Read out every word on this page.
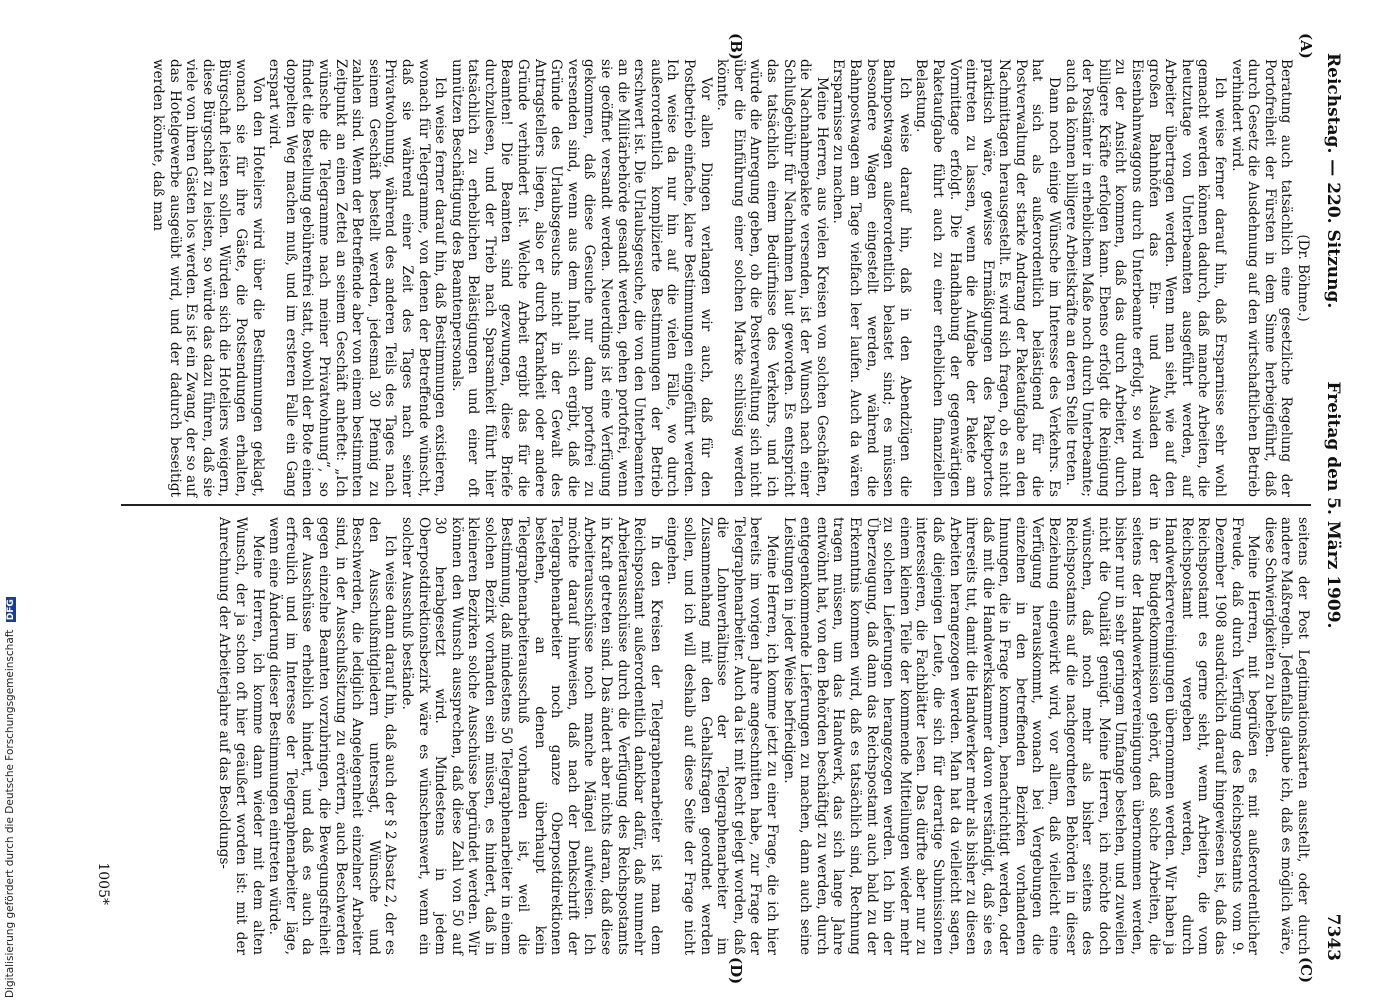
Reichstag. — 220. Sitzung.
Freitag den 5. März 1909.
7343
(A)
(B)
(C)
(D)
(Dr. Böhme.)

Beratung auch tatsächlich eine gesetzliche Regelung der Portofreiheit der Fürsten in dem Sinne herbeigeführt, daß durch Gesetz die Ausdehnung auf den wirtschaftlichen Betrieb verhindert wird.

Ich weise ferner darauf hin, daß Ersparnisse sehr wohl gemacht werden können dadurch, daß manche Arbeiten, die heutzutage von Unterbeamten ausgeführt werden, auf Arbeiter übertragen werden. Wenn man sieht, wie auf den großen Bahnhöfen das Ein- und Ausladen der Eisenbahnwaggons durch Unterbeamte erfolgt, so wird man zu der Ansicht kommen, daß das durch Arbeiter, durch billigere Kräfte erfolgen kann. Ebenso erfolgt die Reinigung der Postämter in erheblichem Maße noch durch Unterbeamte; auch da können billigere Arbeitskräfte an deren Stelle treten.

Dann noch einige Wünsche im Interesse des Verkehrs. Es hat sich als außerordentlich belästigend für die Postverwaltung der starke Andrang der Paketaufgabe an den Nachmittagen herausgestellt. Es wird sich fragen, ob es nicht praktisch wäre, gewisse Ermäßigungen des Paketportos eintreten zu lassen, wenn die Aufgabe der Pakete am Vormittage erfolgt. Die Handhabung der gegenwärtigen Paketaufgabe führt auch zu einer erheblichen finanziellen Belastung.

Ich weise darauf hin, daß in den Abendzügen die Bahnpostwagen außerordentlich belastet sind; es müssen besondere Wagen eingestellt werden, während die Bahnpostwagen am Tage vielfach leer laufen. Auch da wären Ersparnisse zu machen.

Meine Herren, aus vielen Kreisen von solchen Geschäften, die Nachnahmepakete versenden, ist der Wunsch nach einer Schlußgebühr für Nachnahmen laut geworden. Es entspricht das tatsächlich einem Bedürfnisse des Verkehrs, und ich würde die Anregung geben, ob die Postverwaltung sich nicht über die Einführung einer solchen Marke schlüssig werden könnte.

Vor allen Dingen verlangen wir auch, daß für den Postbetrieb einfache, klare Bestimmungen eingeführt werden. Ich weise da nur hin auf die vielen Fälle, wo durch außerordentlich komplizierte Bestimmungen der Betrieb erschwert ist. Die Urlaubsgesuche, die von den Unterbeamten an die Militärbehörde gesandt werden, gehen portofrei, wenn sie geöffnet versandt werden. Neuerdings ist eine Verfügung gekommen, daß diese Gesuche nur dann portofrei zu versenden sind, wenn aus dem Inhalt sich ergibt, daß die Gründe des Urlaubsgesuchs nicht in der Gewalt des Antragstellers liegen, also er durch Krankheit oder andere Gründe verhindert ist. Welche Arbeit ergibt das für die Beamten! Die Beamten sind gezwungen, diese Briefe durchzulesen, und der Trieb nach Sparsamkeit führt hier tatsächlich zu erheblichen Belästigungen und einer oft unnützen Beschäftigung des Beamtenpersonals.

Ich weise ferner darauf hin, daß Bestimmungen existieren, wonach für Telegramme, von denen der Betreffende wünscht, daß sie während einer Zeit des Tages nach seiner Privatwohnung, während des anderen Teils des Tages nach seinem Geschäft bestellt werden, jedesmal 30 Pfennig zu zahlen sind. Wenn der Betreffende aber von einem bestimmten Zeitpunkt an einen Zettel an seinem Geschäft anheftet: „Ich wünsche die Telegramme nach meiner Privatwohnung“, so findet die Bestellung gebührenfrei statt, obwohl der Bote einen doppelten Weg machen muß, und im ersteren Falle ein Gang erspart wird.

Von den Hoteliers wird über die Bestimmungen geklagt, wonach sie für ihre Gäste, die Postsendungen erhalten, Bürgschaft leisten sollen. Würden sich die Hoteliers weigern, diese Bürgschaft zu leisten, so würde das dazu führen, daß sie viele von ihren Gästen los werden. Es ist ein Zwang, der so auf das Hotelgewerbe ausgeübt wird, und der dadurch beseitigt werden könnte, daß man

seitens der Post Legitimationskarten ausstellt, oder durch andere Maßregeln. Jedenfalls glaube ich, daß es möglich wäre, diese Schwierigkeiten zu beheben.

Meine Herren, mit begrüßen es mit außerordentlicher Freude, daß durch Verfügung des Reichspostamts vom 9. Dezember 1908 ausdrücklich darauf hingewiesen ist, daß das Reichspostamt es gerne sieht, wenn Arbeiten, die vom Reichspostamt vergeben werden, durch Handwerkervereinigungen übernommen werden. Wir haben ja in der Budgetkommission gehört, daß solche Arbeiten, die seitens der Handwerkervereinigungen übernommen werden, bisher nur in sehr geringem Umfange bestehen, und zuweilen nicht die Qualität genügt. Meine Herren, ich möchte doch wünschen, daß noch mehr als bisher seitens des Reichspostamts auf die nachgeordneten Behörden in dieser Beziehung eingewirkt wird, vor allem, daß vielleicht eine Verfügung herauskommt, wonach bei Vergebungen die einzelnen in den betreffenden Bezirken vorhandenen Innungen, die in Frage kommen, benachrichtigt werden, oder daß mit die Handwerkskammer davon verständigt, daß sie es ihrerseits tut, damit die Handwerker mehr als bisher zu diesen Arbeiten herangezogen werden. Man hat da vielleicht sagen, daß diejenigen Leute, die sich für derartige Submissionen interessieren, die Fachblätter lesen. Das dürfte aber nur zu einem kleinen Teile der kommende Mitteilungen wieder mehr zu solchen Lieferungen herangezogen werden. Ich bin der Überzeugung, daß dann das Reichspostamt auch bald zu der Erkenntnis kommen wird, daß es tatsächlich sind, Rechnung tragen müssen, um das Handwerk, das sich lange Jahre entwöhnt hat, von den Behörden beschäftigt zu werden, durch entgegenkommende Lieferungen zu machen, dann auch seine Leistungen in jeder Weise befriedigen.

Meine Herren, ich komme jetzt zu einer Frage, die ich hier bereits im vorigen Jahre angeschnitten habe, zur Frage der Telegraphenarbeiter. Auch da ist mit Recht gelegt worden, daß die Lohnverhältnisse der Telegraphenarbeiter im Zusammenhang mit den Gehaltsfragen geordnet werden sollen, und ich will deshalb auf diese Seite der Frage nicht eingehen.

In den Kreisen der Telegraphenarbeiter ist man dem Reichspostamt außerordentlich dankbar dafür, daß nunmehr Arbeiterausschüsse durch die Verfügung des Reichspostamts in Kraft getreten sind. Das ändert aber nichts daran, daß diese Arbeiterausschüsse noch manche Mängel aufweisen. Ich möchte darauf hinweisen, daß nach der Denkschrift der Telegraphenarbeiter noch ganze Oberpostdirektionen bestehen, an denen überhaupt kein Telegraphenarbeiterausschuß vorhanden ist, weil die Bestimmung, daß mindestens 50 Telegraphenarbeiter in einem solchen Bezirk vorhanden sein müssen, es hindert, daß in kleineren Bezirken solche Ausschüsse begründet werden. Wir können den Wunsch aussprechen, daß diese Zahl von 50 auf 30 herabgesetzt wird. Mindestens in jedem Oberpostdirektionsbezirk wäre es wünschenswert, wenn ein solcher Ausschuß bestände.

Ich weise dann darauf hin, daß auch der § 2 Absatz 2, der es den Ausschußmitgliedern untersagt, Wünsche und Beschwerden, die lediglich Angelegenheit einzelner Arbeiter sind, in der Ausschußsitzung zu erörtern, auch Beschwerden gegen einzelne Beamten vorzubringen, die Bewegungsfreiheit der Ausschüsse erheblich hindert, und daß es auch da erfreulich und im Interesse der Telegraphenarbeiter läge, wenn eine Änderung dieser Bestimmungen eintreten würde.

Meine Herren, ich komme dann wieder mit dem alten Wunsch, der ja schon oft hier geäußert worden ist: mit der Anrechnung der Arbeiterjahre auf das Besoldungs-

1005*
Digitalisierung gefördert durch die Deutsche Forschungsgemeinschaft DFG
